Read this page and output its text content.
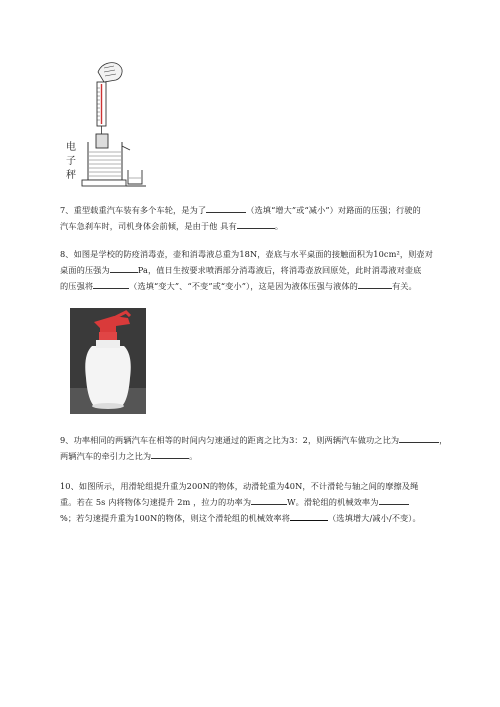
电
子
秤
7、重型载重汽车装有多个车轮，是为了	（选填“增大”或“减小”）对路面的压强；行驶的
汽车急刹车时，司机身体会前倾，是由于他 具有	。
8、如图是学校的防疫消毒壶，壶和消毒液总重为18N，壶底与水平桌面的接触面积为10cm²，则壶对
桌面的压强为	Pa，值日生按要求喷洒部分消毒液后，将消毒壶放回原处，此时消毒液对壶底
的压强将	（选填“变大”、“不变”或“变小”），这是因为液体压强与液体的	有关。
9、功率相同的两辆汽车在相等的时间内匀速通过的距离之比为3：2，则两辆汽车做功之比为	，
两辆汽车的牵引力之比为	。
10、如图所示，用滑轮组提升重为200N的物体，动滑轮重为40N，不计滑轮与轴之间的摩擦及绳
重。若在 5s 内将物体匀速提升 2m ，拉力的功率为	W。滑轮组的机械效率为
%；若匀速提升重为100N的物体，则这个滑轮组的机械效率将	（选填增大/减小/不变）。
